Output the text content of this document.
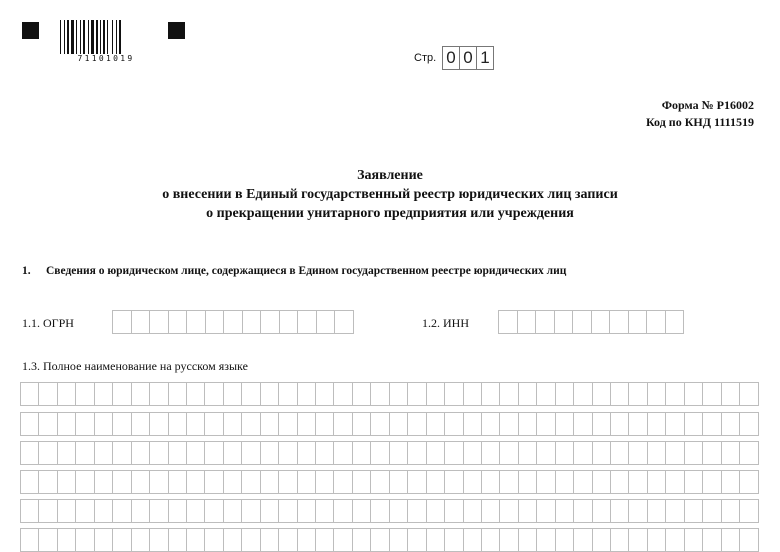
71101019	Стр. 0 0 1
Форма № Р16002
Код по КНД 1111519
Заявление
о внесении в Единый государственный реестр юридических лиц записи
о прекращении унитарного предприятия или учреждения
1. Сведения о юридическом лице, содержащиеся в Едином государственном реестре юридических лиц
1.1. ОГРН	1.2. ИНН
1.3. Полное наименование на русском языке
